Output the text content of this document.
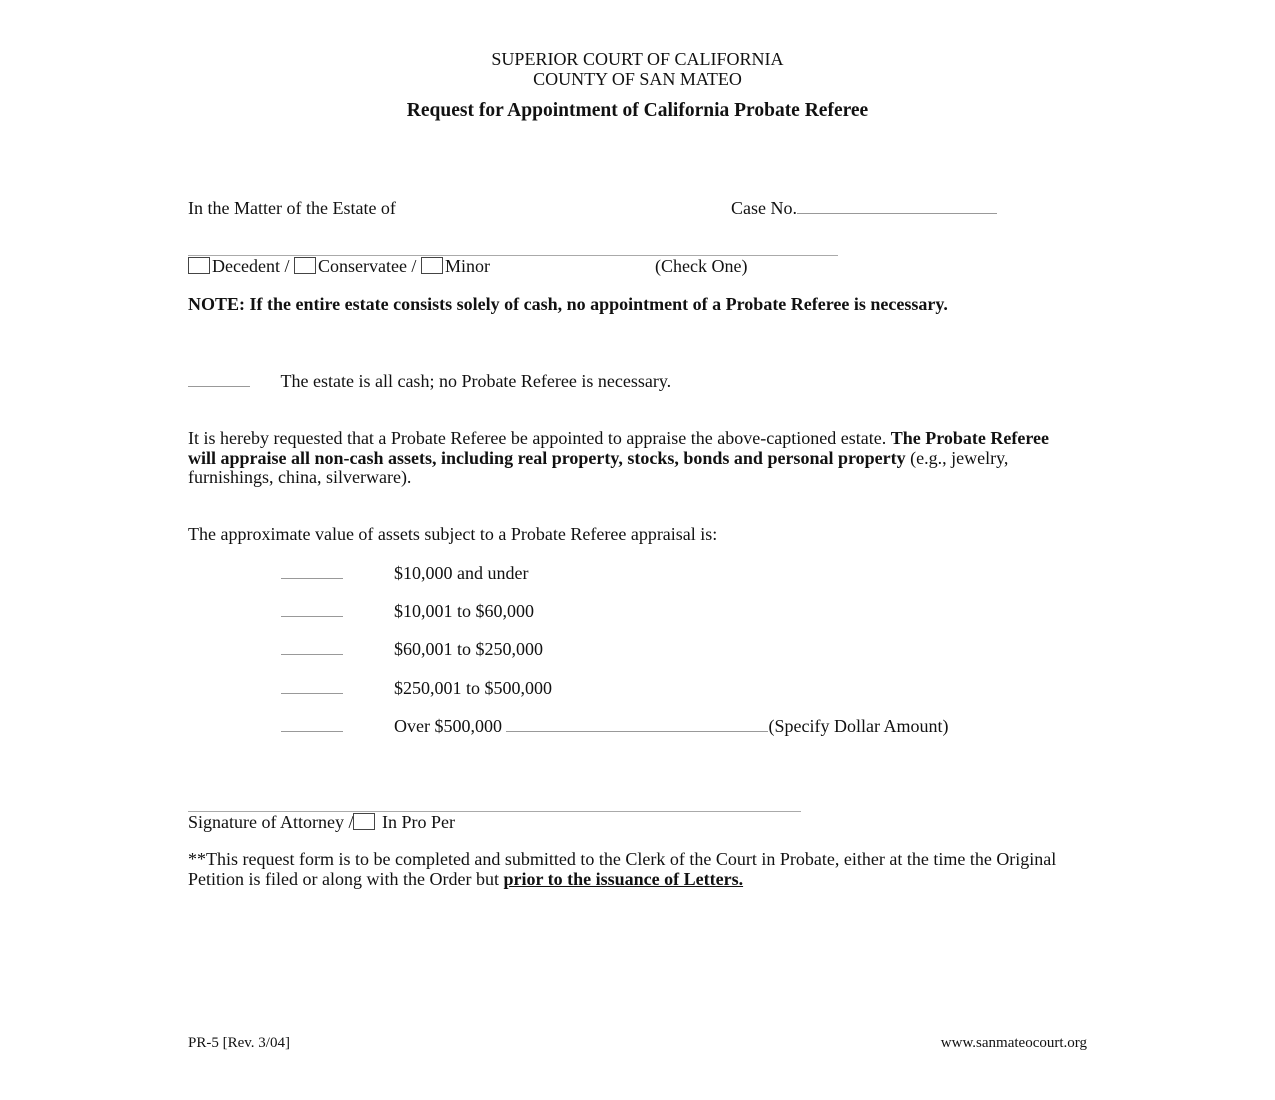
SUPERIOR COURT OF CALIFORNIA
COUNTY OF SAN MATEO
Request for Appointment of California Probate Referee
In the Matter of the Estate of	Case No.
Decedent / Conservatee / Minor	(Check One)
NOTE: If the entire estate consists solely of cash, no appointment of a Probate Referee is necessary.
The estate is all cash; no Probate Referee is necessary.
It is hereby requested that a Probate Referee be appointed to appraise the above-captioned estate. The Probate Referee will appraise all non-cash assets, including real property, stocks, bonds and personal property (e.g., jewelry, furnishings, china, silverware).
The approximate value of assets subject to a Probate Referee appraisal is:
$10,000 and under
$10,001 to $60,000
$60,001 to $250,000
$250,001 to $500,000
Over $500,000	(Specify Dollar Amount)
Signature of Attorney / In Pro Per
**This request form is to be completed and submitted to the Clerk of the Court in Probate, either at the time the Original Petition is filed or along with the Order but prior to the issuance of Letters.
PR-5 [Rev. 3/04]	www.sanmateocourt.org
